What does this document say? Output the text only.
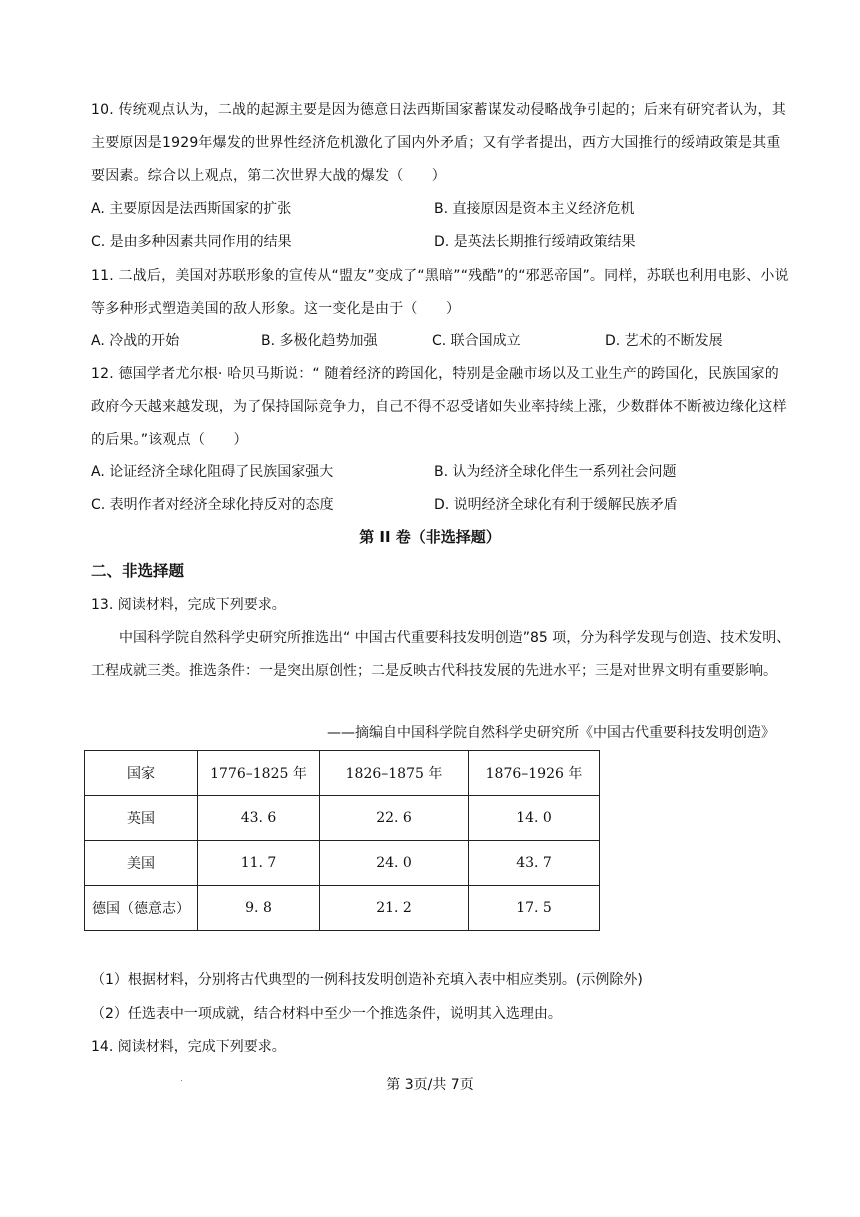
10. 传统观点认为，二战的起源主要是因为德意日法西斯国家蓄谋发动侵略战争引起的；后来有研究者认为，其主要原因是1929年爆发的世界性经济危机激化了国内外矛盾；又有学者提出，西方大国推行的绥靖政策是其重要因素。综合以上观点，第二次世界大战的爆发（　　）
A. 主要原因是法西斯国家的扩张	B. 直接原因是资本主义经济危机
C. 是由多种因素共同作用的结果	D. 是英法长期推行绥靖政策结果
11. 二战后，美国对苏联形象的宣传从“盟友”变成了“黑暗”“残酷”的“邪恶帝国”。同样，苏联也利用电影、小说等多种形式塑造美国的敌人形象。这一变化是由于（　　）
A. 冷战的开始	B. 多极化趋势加强	C. 联合国成立	D. 艺术的不断发展
12. 德国学者尤尔根· 哈贝马斯说：“ 随着经济的跨国化，特别是金融市场以及工业生产的跨国化，民族国家的政府今天越来越发现，为了保持国际竞争力，自己不得不忍受诸如失业率持续上涨，少数群体不断被边缘化这样的后果。”该观点（　　）
A. 论证经济全球化阻碍了民族国家强大	B. 认为经济全球化伴生一系列社会问题
C. 表明作者对经济全球化持反对的态度	D. 说明经济全球化有利于缓解民族矛盾
第 II 卷（非选择题）
二、非选择题
13. 阅读材料，完成下列要求。
中国科学院自然科学史研究所推选出“ 中国古代重要科技发明创造”85 项，分为科学发现与创造、技术发明、工程成就三类。推选条件：一是突出原创性；二是反映古代科技发展的先进水平；三是对世界文明有重要影响。
——摘编自中国科学院自然科学史研究所《中国古代重要科技发明创造》
国家	1776–1825 年	1826–1875 年	1876–1926 年
英国	43. 6	22. 6	14. 0
美国	11. 7	24. 0	43. 7
德国（德意志）	9. 8	21. 2	17. 5
（1）根据材料，分别将古代典型的一例科技发明创造补充填入表中相应类别。(示例除外)
（2）任选表中一项成就，结合材料中至少一个推选条件，说明其入选理由。
14. 阅读材料，完成下列要求。
.	第 3页/共 7页
